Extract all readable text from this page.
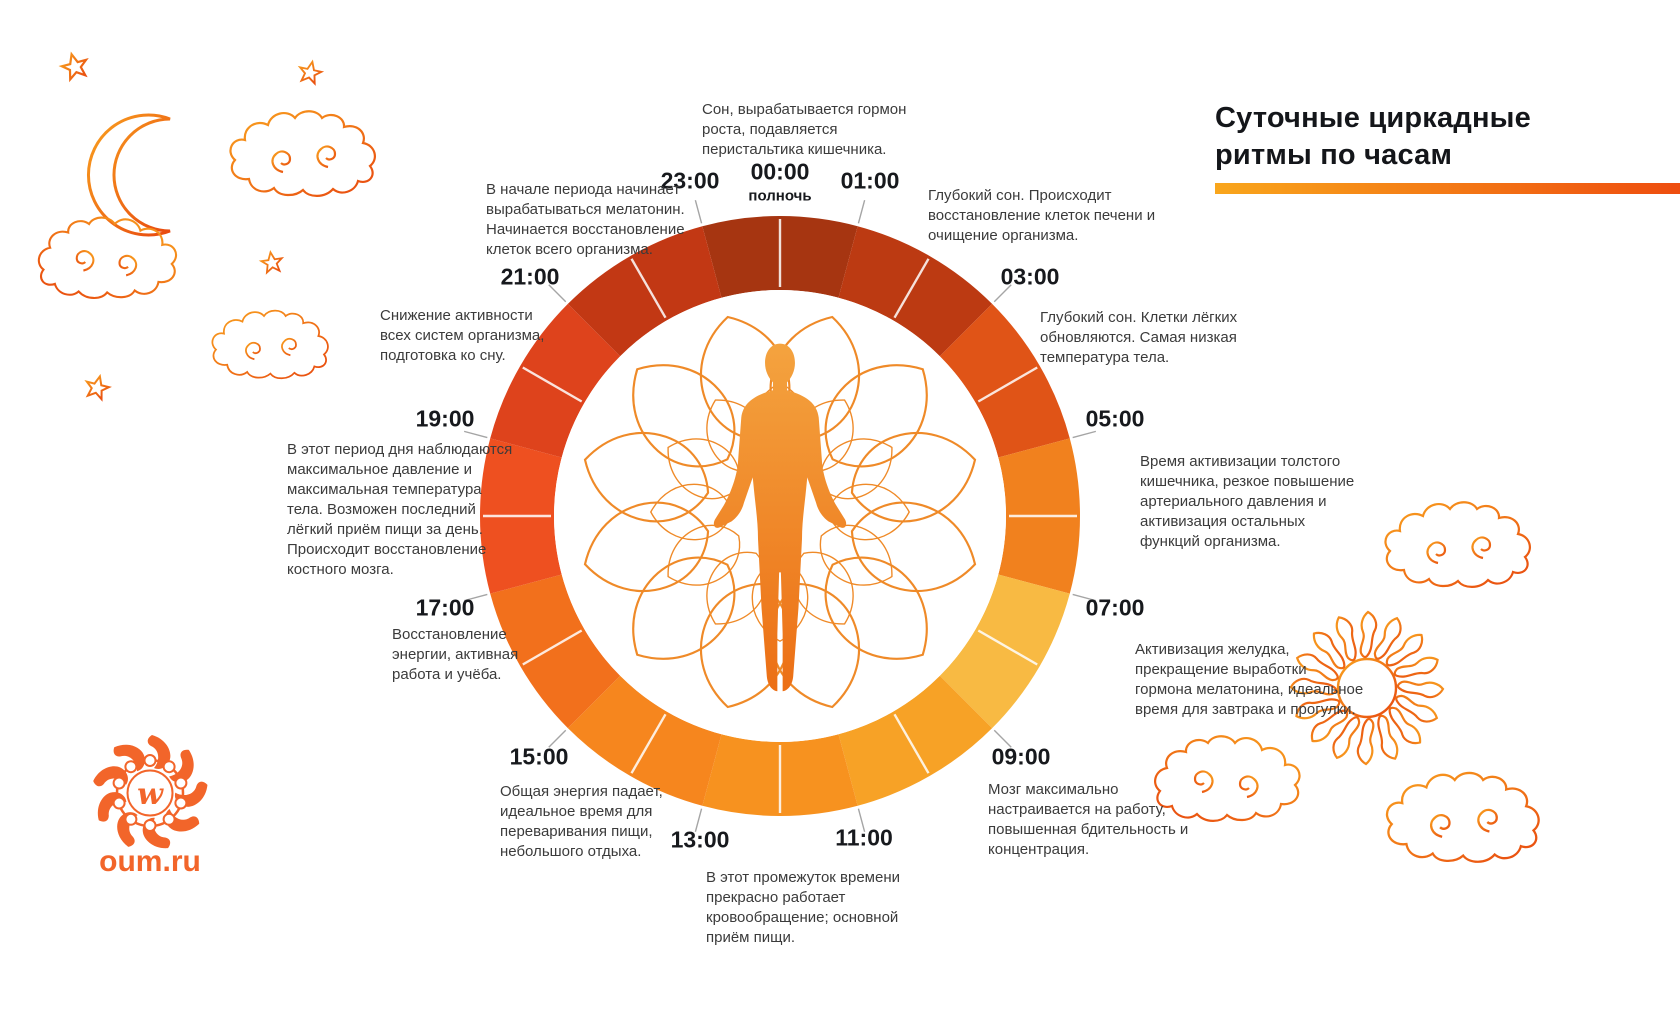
w
Суточные циркадные ритмы по часам
23:00 00:00
полночь
01:00
03:00
05:00
07:00
09:00
11:00
13:00
15:00
17:00
19:00
21:00
Сон, вырабатывается гормон роста, подавляется перистальтика кишечника.
Глубокий сон. Происходит восстановление клеток печени и очищение организма.
Глубокий сон. Клетки лёгких обновляются. Самая низкая температура тела.
Время активизации толстого кишечника, резкое повышение артериального давления и активизация остальных функций организма.
Активизация желудка, прекращение выработки гормона мелатонина, идеальное время для завтрака и прогулки.
Мозг максимально настраивается на работу, повышенная бдительность и концентрация.
В этот промежуток времени прекрасно работает кровообращение; основной приём пищи.
Общая энергия падает, идеальное время для переваривания пищи, небольшого отдыха.
Восстановление энергии, активная работа и учёба.
В этот период дня наблюдаются максимальное давление и максимальная температура тела. Возможен последний лёгкий приём пищи за день. Происходит восстановление костного мозга.
Снижение активности всех систем организма, подготовка ко сну.
В начале периода начинает вырабатываться мелатонин. Начинается восстановление клеток всего организма.
oum.ru
